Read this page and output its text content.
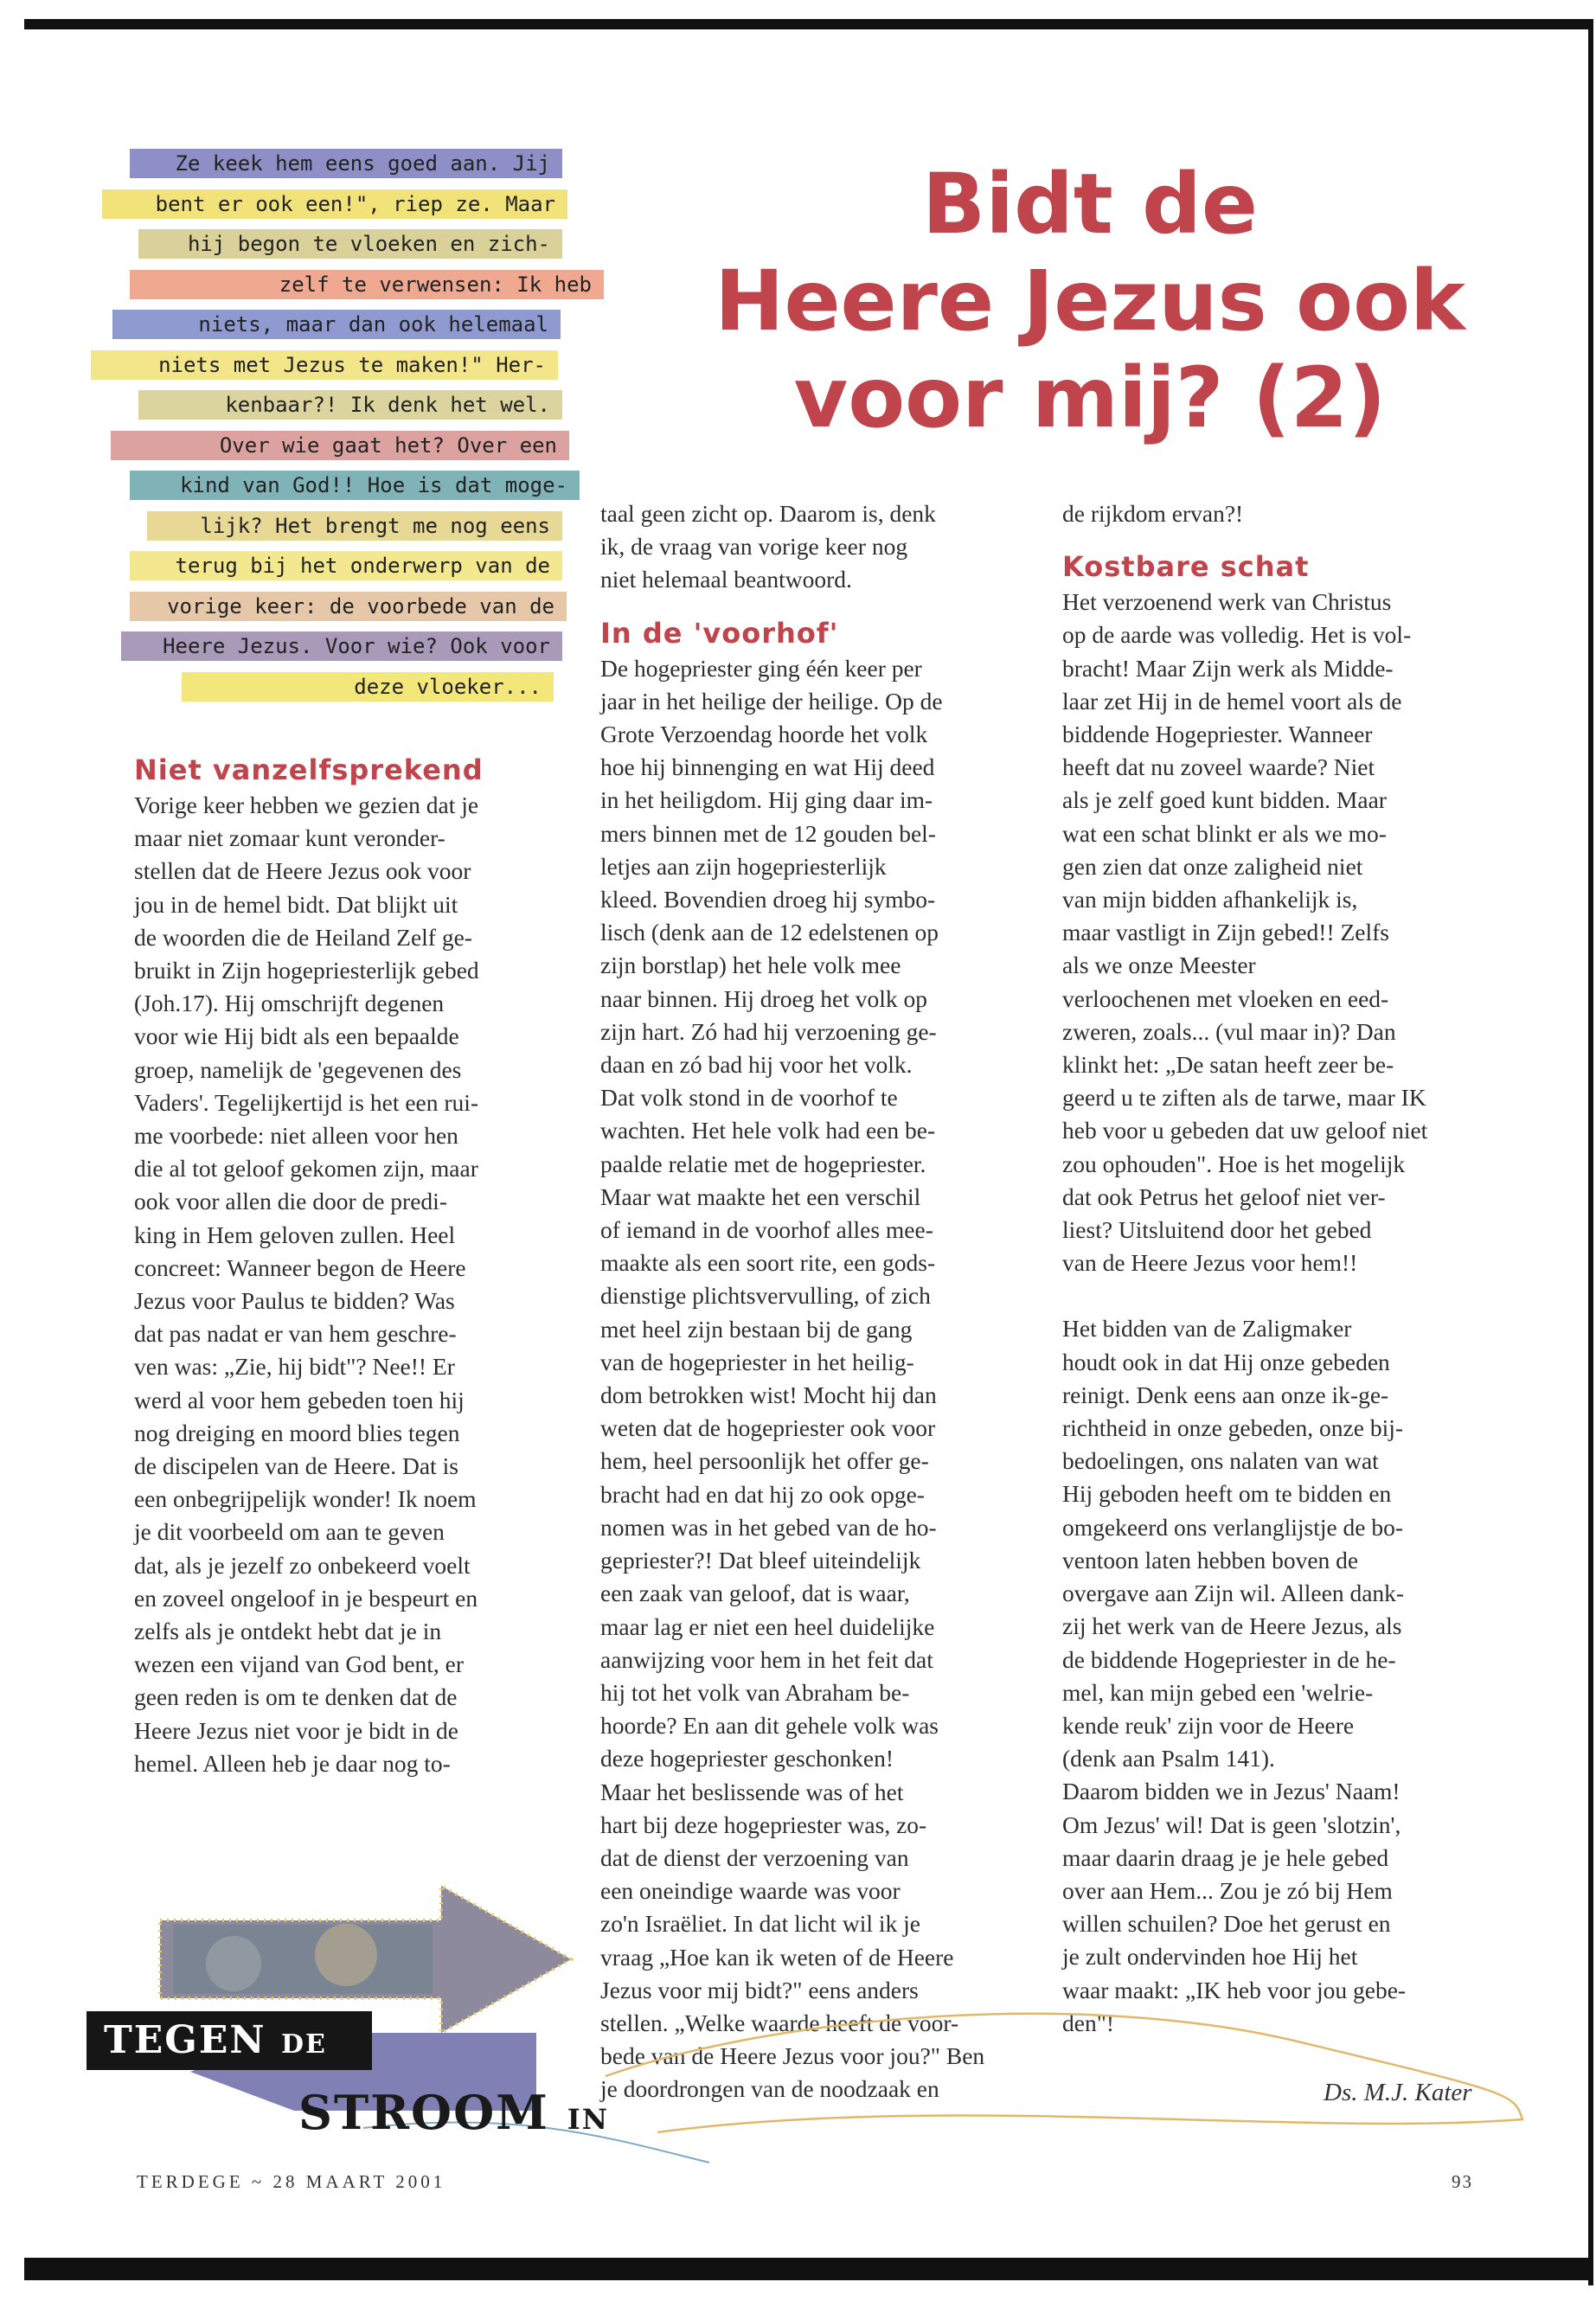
Bidt de
Heere Jezus ook
voor mij? (2)
Ze keek hem eens goed aan. Jij
bent er ook een!", riep ze. Maar
hij begon te vloeken en zich-
zelf te verwensen: Ik heb
niets, maar dan ook helemaal
niets met Jezus te maken!" Her-
kenbaar?! Ik denk het wel.
Over wie gaat het? Over een
kind van God!! Hoe is dat moge-
lijk? Het brengt me nog eens
terug bij het onderwerp van de
vorige keer: de voorbede van de
Heere Jezus. Voor wie? Ook voor
deze vloeker...
Niet vanzelfsprekend

Vorige keer hebben we gezien dat je

maar niet zomaar kunt veronder-

stellen dat de Heere Jezus ook voor

jou in de hemel bidt. Dat blijkt uit

de woorden die de Heiland Zelf ge-

bruikt in Zijn hogepriesterlijk gebed

(Joh.17). Hij omschrijft degenen

voor wie Hij bidt als een bepaalde

groep, namelijk de 'gegevenen des

Vaders'. Tegelijkertijd is het een rui-

me voorbede: niet alleen voor hen

die al tot geloof gekomen zijn, maar

ook voor allen die door de predi-

king in Hem geloven zullen. Heel

concreet: Wanneer begon de Heere

Jezus voor Paulus te bidden? Was

dat pas nadat er van hem geschre-

ven was: „Zie, hij bidt"? Nee!! Er

werd al voor hem gebeden toen hij

nog dreiging en moord blies tegen

de discipelen van de Heere. Dat is

een onbegrijpelijk wonder! Ik noem

je dit voorbeeld om aan te geven

dat, als je jezelf zo onbekeerd voelt

en zoveel ongeloof in je bespeurt en

zelfs als je ontdekt hebt dat je in

wezen een vijand van God bent, er

geen reden is om te denken dat de

Heere Jezus niet voor je bidt in de

hemel. Alleen heb je daar nog to-

taal geen zicht op. Daarom is, denk

ik, de vraag van vorige keer nog

niet helemaal beantwoord.

In de 'voorhof'

De hogepriester ging één keer per

jaar in het heilige der heilige. Op de

Grote Verzoendag hoorde het volk

hoe hij binnenging en wat Hij deed

in het heiligdom. Hij ging daar im-

mers binnen met de 12 gouden bel-

letjes aan zijn hogepriesterlijk

kleed. Bovendien droeg hij symbo-

lisch (denk aan de 12 edelstenen op

zijn borstlap) het hele volk mee

naar binnen. Hij droeg het volk op

zijn hart. Zó had hij verzoening ge-

daan en zó bad hij voor het volk.

Dat volk stond in de voorhof te

wachten. Het hele volk had een be-

paalde relatie met de hogepriester.

Maar wat maakte het een verschil

of iemand in de voorhof alles mee-

maakte als een soort rite, een gods-

dienstige plichtsvervulling, of zich

met heel zijn bestaan bij de gang

van de hogepriester in het heilig-

dom betrokken wist! Mocht hij dan

weten dat de hogepriester ook voor

hem, heel persoonlijk het offer ge-

bracht had en dat hij zo ook opge-

nomen was in het gebed van de ho-

gepriester?! Dat bleef uiteindelijk

een zaak van geloof, dat is waar,

maar lag er niet een heel duidelijke

aanwijzing voor hem in het feit dat

hij tot het volk van Abraham be-

hoorde? En aan dit gehele volk was

deze hogepriester geschonken!

Maar het beslissende was of het

hart bij deze hogepriester was, zo-

dat de dienst der verzoening van

een oneindige waarde was voor

zo'n Israëliet. In dat licht wil ik je

vraag „Hoe kan ik weten of de Heere

Jezus voor mij bidt?" eens anders

stellen. „Welke waarde heeft de voor-

bede van de Heere Jezus voor jou?" Ben

je doordrongen van de noodzaak en

de rijkdom ervan?!

Kostbare schat

Het verzoenend werk van Christus

op de aarde was volledig. Het is vol-

bracht! Maar Zijn werk als Midde-

laar zet Hij in de hemel voort als de

biddende Hogepriester. Wanneer

heeft dat nu zoveel waarde? Niet

als je zelf goed kunt bidden. Maar

wat een schat blinkt er als we mo-

gen zien dat onze zaligheid niet

van mijn bidden afhankelijk is,

maar vastligt in Zijn gebed!! Zelfs

als we onze Meester

verloochenen met vloeken en eed-

zweren, zoals... (vul maar in)? Dan

klinkt het: „De satan heeft zeer be-

geerd u te ziften als de tarwe, maar IK

heb voor u gebeden dat uw geloof niet

zou ophouden". Hoe is het mogelijk

dat ook Petrus het geloof niet ver-

liest? Uitsluitend door het gebed

van de Heere Jezus voor hem!!

Het bidden van de Zaligmaker

houdt ook in dat Hij onze gebeden

reinigt. Denk eens aan onze ik-ge-

richtheid in onze gebeden, onze bij-

bedoelingen, ons nalaten van wat

Hij geboden heeft om te bidden en

omgekeerd ons verlanglijstje de bo-

ventoon laten hebben boven de

overgave aan Zijn wil. Alleen dank-

zij het werk van de Heere Jezus, als

de biddende Hogepriester in de he-

mel, kan mijn gebed een 'welrie-

kende reuk' zijn voor de Heere

(denk aan Psalm 141).

Daarom bidden we in Jezus' Naam!

Om Jezus' wil! Dat is geen 'slotzin',

maar daarin draag je je hele gebed

over aan Hem... Zou je zó bij Hem

willen schuilen? Doe het gerust en

je zult ondervinden hoe Hij het

waar maakt: „IK heb voor jou gebe-

den"!

Ds. M.J. Kater
TEGEN DE
STROOM IN
TERDEGE ~ 28 MAART 2001	93
